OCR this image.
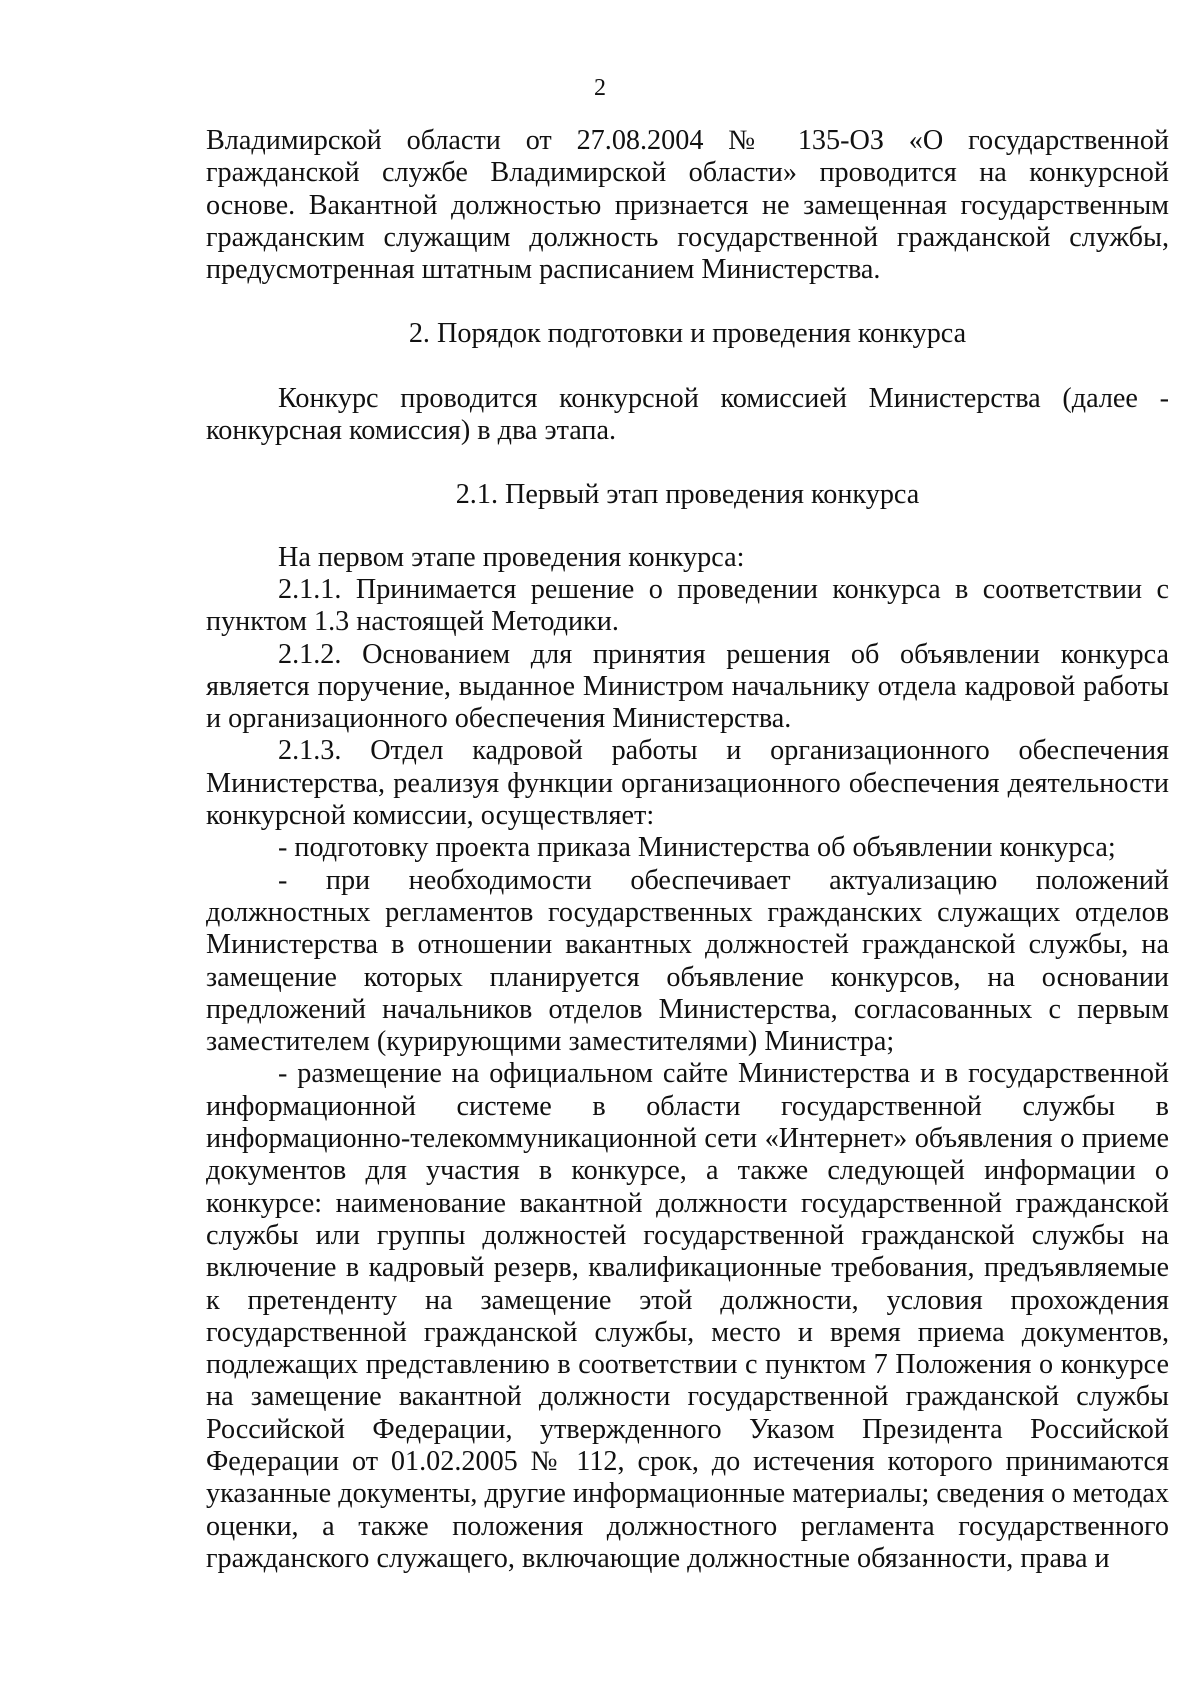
2

Владимирской области от 27.08.2004 № 135-ОЗ «О государственной гражданской службе Владимирской области» проводится на конкурсной основе. Вакантной должностью признается не замещенная государственным гражданским служащим должность государственной гражданской службы, предусмотренная штатным расписанием Министерства.

2. Порядок подготовки и проведения конкурса

Конкурс проводится конкурсной комиссией Министерства (далее - конкурсная комиссия) в два этапа.

2.1. Первый этап проведения конкурса

На первом этапе проведения конкурса:

2.1.1. Принимается решение о проведении конкурса в соответствии с пунктом 1.3 настоящей Методики.

2.1.2. Основанием для принятия решения об объявлении конкурса является поручение, выданное Министром начальнику отдела кадровой работы и организационного обеспечения Министерства.

2.1.3. Отдел кадровой работы и организационного обеспечения Министерства, реализуя функции организационного обеспечения деятельности конкурсной комиссии, осуществляет:

- подготовку проекта приказа Министерства об объявлении конкурса;

- при необходимости обеспечивает актуализацию положений должностных регламентов государственных гражданских служащих отделов Министерства в отношении вакантных должностей гражданской службы, на замещение которых планируется объявление конкурсов, на основании предложений начальников отделов Министерства, согласованных с первым заместителем (курирующими заместителями) Министра;

- размещение на официальном сайте Министерства и в государственной информационной системе в области государственной службы в информационно-телекоммуникационной сети «Интернет» объявления о приеме документов для участия в конкурсе, а также следующей информации о конкурсе: наименование вакантной должности государственной гражданской службы или группы должностей государственной гражданской службы на включение в кадровый резерв, квалификационные требования, предъявляемые к претенденту на замещение этой должности, условия прохождения государственной гражданской службы, место и время приема документов, подлежащих представлению в соответствии с пунктом 7 Положения о конкурсе на замещение вакантной должности государственной гражданской службы Российской Федерации, утвержденного Указом Президента Российской Федерации от 01.02.2005 № 112, срок, до истечения которого принимаются указанные документы, другие информационные материалы; сведения о методах оценки, а также положения должностного регламента государственного гражданского служащего, включающие должностные обязанности, права и
